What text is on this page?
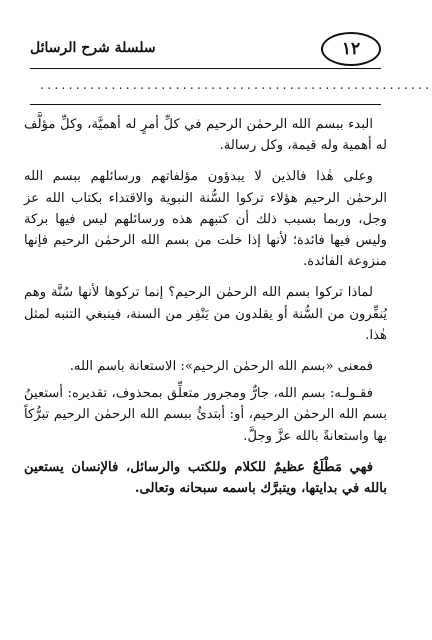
١٢
سلسلة شرح الرسائل
.......................................................

البدء ببسم الله الرحمٰن الرحيم في كلِّ أمرٍ له أهميَّة، وكلِّ مؤلَّف له أهمية وله قيمة، وكل رسالة.

وعلى هٰذا فالذين لا يبدؤون مؤلفاتهم ورسائلهم ببسم الله الرحمٰن الرحيم هؤلاء تركوا السُّنة النبوية والاقتداء بكتاب الله عز وجل، وربما بسبب ذلك أن كتبهم هذه ورسائلهم ليس فيها بركة وليس فيها فائدة؛ لأنها إذا خلت من بسم الله الرحمٰن الرحيم فإنها منزوعة الفائدة.

لماذا تركوا بسم الله الرحمٰن الرحيم؟ إنما تركوها لأنها سُنَّة وهم يُنفِّرون من السُّنة أو يقلدون من يَنْفِر من السنة، فينبغي التنبه لمثل هٰذا.

فمعنى «بسم الله الرحمٰن الرحيم»: الاستعانة باسم الله.

فقـولـه: بسم الله، جارٌّ ومجرور متعلِّق بمحذوف، تقديره: أستعينُ بسم الله الرحمٰن الرحيم، أو: أبتدئُ ببسم الله الرحمٰن الرحيم تبرُّكاً بها واستعانةً بالله عزَّ وجلَّ.

فهي مَطْلَعٌ عظيمٌ للكلام وللكتب والرسائل، فالإنسان يستعين بالله في بدايتها، ويتبرَّك باسمه سبحانه وتعالى.
